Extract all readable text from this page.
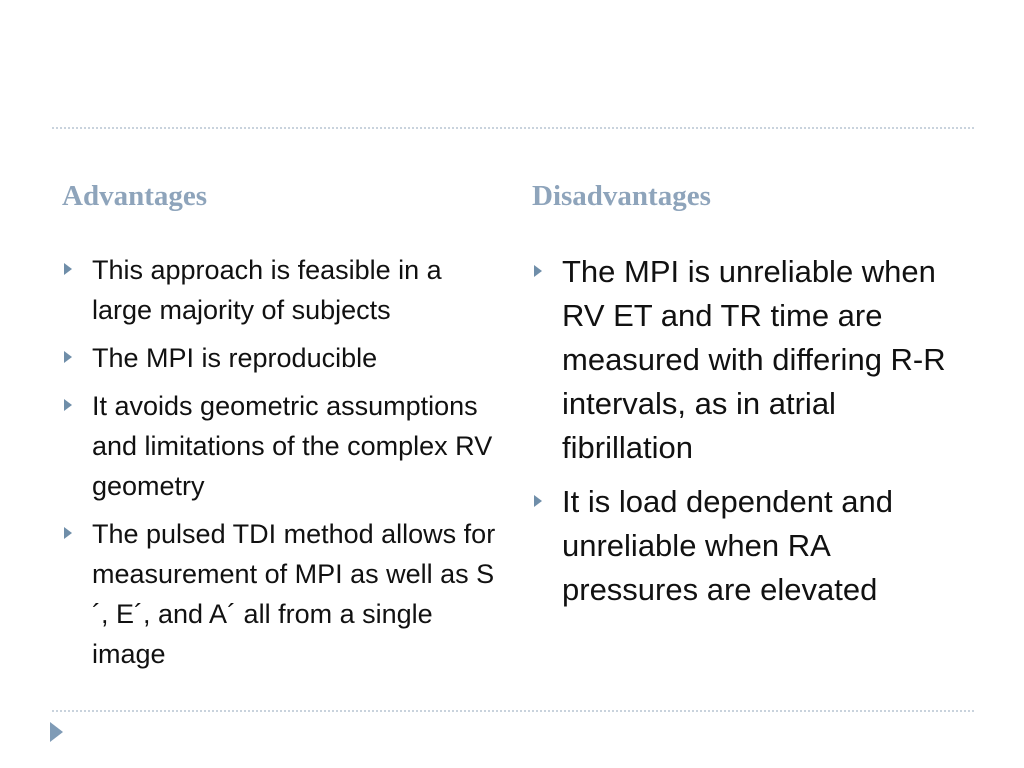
Advantages	Disadvantages
This approach is feasible in a large majority of subjects
The MPI is reproducible
It avoids geometric assumptions and limitations of the complex RV geometry
The pulsed TDI method allows for measurement of MPI as well as S´, E´, and A´ all from a single image
The MPI is unreliable when RV ET and TR time are measured with differing R-R intervals, as in atrial fibrillation
It is load dependent and unreliable when RA pressures are elevated
